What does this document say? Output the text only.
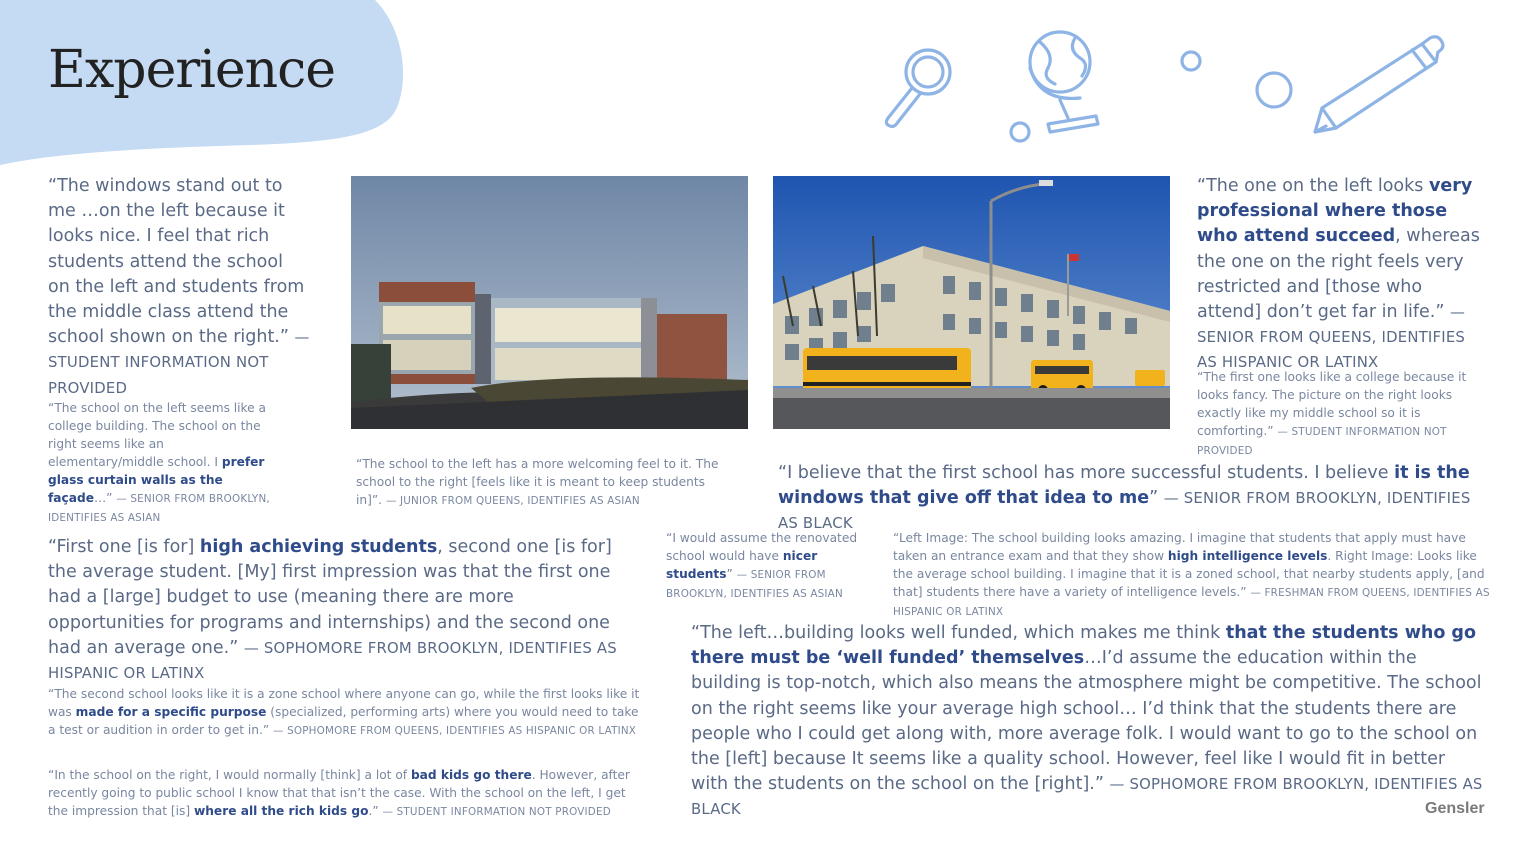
Experience

“The windows stand out to me …on the left because it looks nice. I feel that rich students attend the school on the left and students from the middle class attend the school shown on the right.” — STUDENT INFORMATION NOT PROVIDED

“The school on the left seems like a college building. The school on the right seems like an elementary/middle school. I prefer glass curtain walls as the façade…” — SENIOR FROM BROOKLYN, IDENTIFIES AS ASIAN

“The school to the left has a more welcoming feel to it. The school to the right [feels like it is meant to keep students in]”. — JUNIOR FROM QUEENS, IDENTIFIES AS ASIAN

“The one on the left looks very professional where those who attend succeed, whereas the one on the right feels very restricted and [those who attend] don’t get far in life.” — SENIOR FROM QUEENS, IDENTIFIES AS HISPANIC OR LATINX

“The first one looks like a college because it looks fancy. The picture on the right looks exactly like my middle school so it is comforting.” — STUDENT INFORMATION NOT PROVIDED

“I believe that the first school has more successful students. I believe it is the windows that give off that idea to me” — SENIOR FROM BROOKLYN, IDENTIFIES AS BLACK

“First one [is for] high achieving students, second one [is for] the average student. [My] first impression was that the first one had a [large] budget to use (meaning there are more opportunities for programs and internships) and the second one had an average one.” — SOPHOMORE FROM BROOKLYN, IDENTIFIES AS HISPANIC OR LATINX

“I would assume the renovated school would have nicer students” — SENIOR FROM BROOKLYN, IDENTIFIES AS ASIAN

“Left Image: The school building looks amazing. I imagine that students that apply must have taken an entrance exam and that they show high intelligence levels. Right Image: Looks like the average school building. I imagine that it is a zoned school, that nearby students apply, [and that] students there have a variety of intelligence levels.” — FRESHMAN FROM QUEENS, IDENTIFIES AS HISPANIC OR LATINX

“The second school looks like it is a zone school where anyone can go, while the first looks like it was made for a specific purpose (specialized, performing arts) where you would need to take a test or audition in order to get in.” — SOPHOMORE FROM QUEENS, IDENTIFIES AS HISPANIC OR LATINX

“The left…building looks well funded, which makes me think that the students who go there must be ‘well funded’ themselves…I’d assume the education within the building is top-notch, which also means the atmosphere might be competitive. The school on the right seems like your average high school… I’d think that the students there are people who I could get along with, more average folk. I would want to go to the school on the [left] because It seems like a quality school. However, feel like I would fit in better with the students on the school on the [right].” — SOPHOMORE FROM BROOKLYN, IDENTIFIES AS BLACK

“In the school on the right, I would normally [think] a lot of bad kids go there. However, after recently going to public school I know that that isn’t the case. With the school on the left, I get the impression that [is] where all the rich kids go.” — STUDENT INFORMATION NOT PROVIDED	Gensler
